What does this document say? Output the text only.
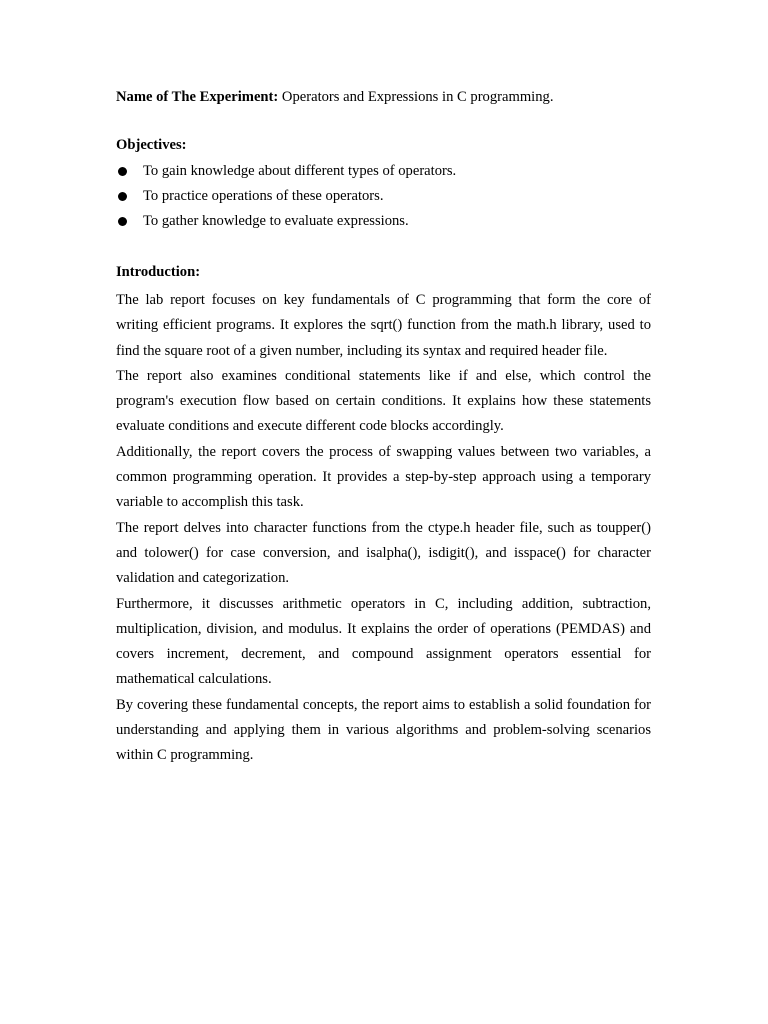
Name of The Experiment: Operators and Expressions in C programming.

Objectives:

To gain knowledge about different types of operators.
To practice operations of these operators.
To gather knowledge to evaluate expressions.

Introduction:

The lab report focuses on key fundamentals of C programming that form the core of writing efficient programs. It explores the sqrt() function from the math.h library, used to find the square root of a given number, including its syntax and required header file.

The report also examines conditional statements like if and else, which control the program's execution flow based on certain conditions. It explains how these statements evaluate conditions and execute different code blocks accordingly.

Additionally, the report covers the process of swapping values between two variables, a common programming operation. It provides a step-by-step approach using a temporary variable to accomplish this task.

The report delves into character functions from the ctype.h header file, such as toupper() and tolower() for case conversion, and isalpha(), isdigit(), and isspace() for character validation and categorization.

Furthermore, it discusses arithmetic operators in C, including addition, subtraction, multiplication, division, and modulus. It explains the order of operations (PEMDAS) and covers increment, decrement, and compound assignment operators essential for mathematical calculations.

By covering these fundamental concepts, the report aims to establish a solid foundation for understanding and applying them in various algorithms and problem-solving scenarios within C programming.
